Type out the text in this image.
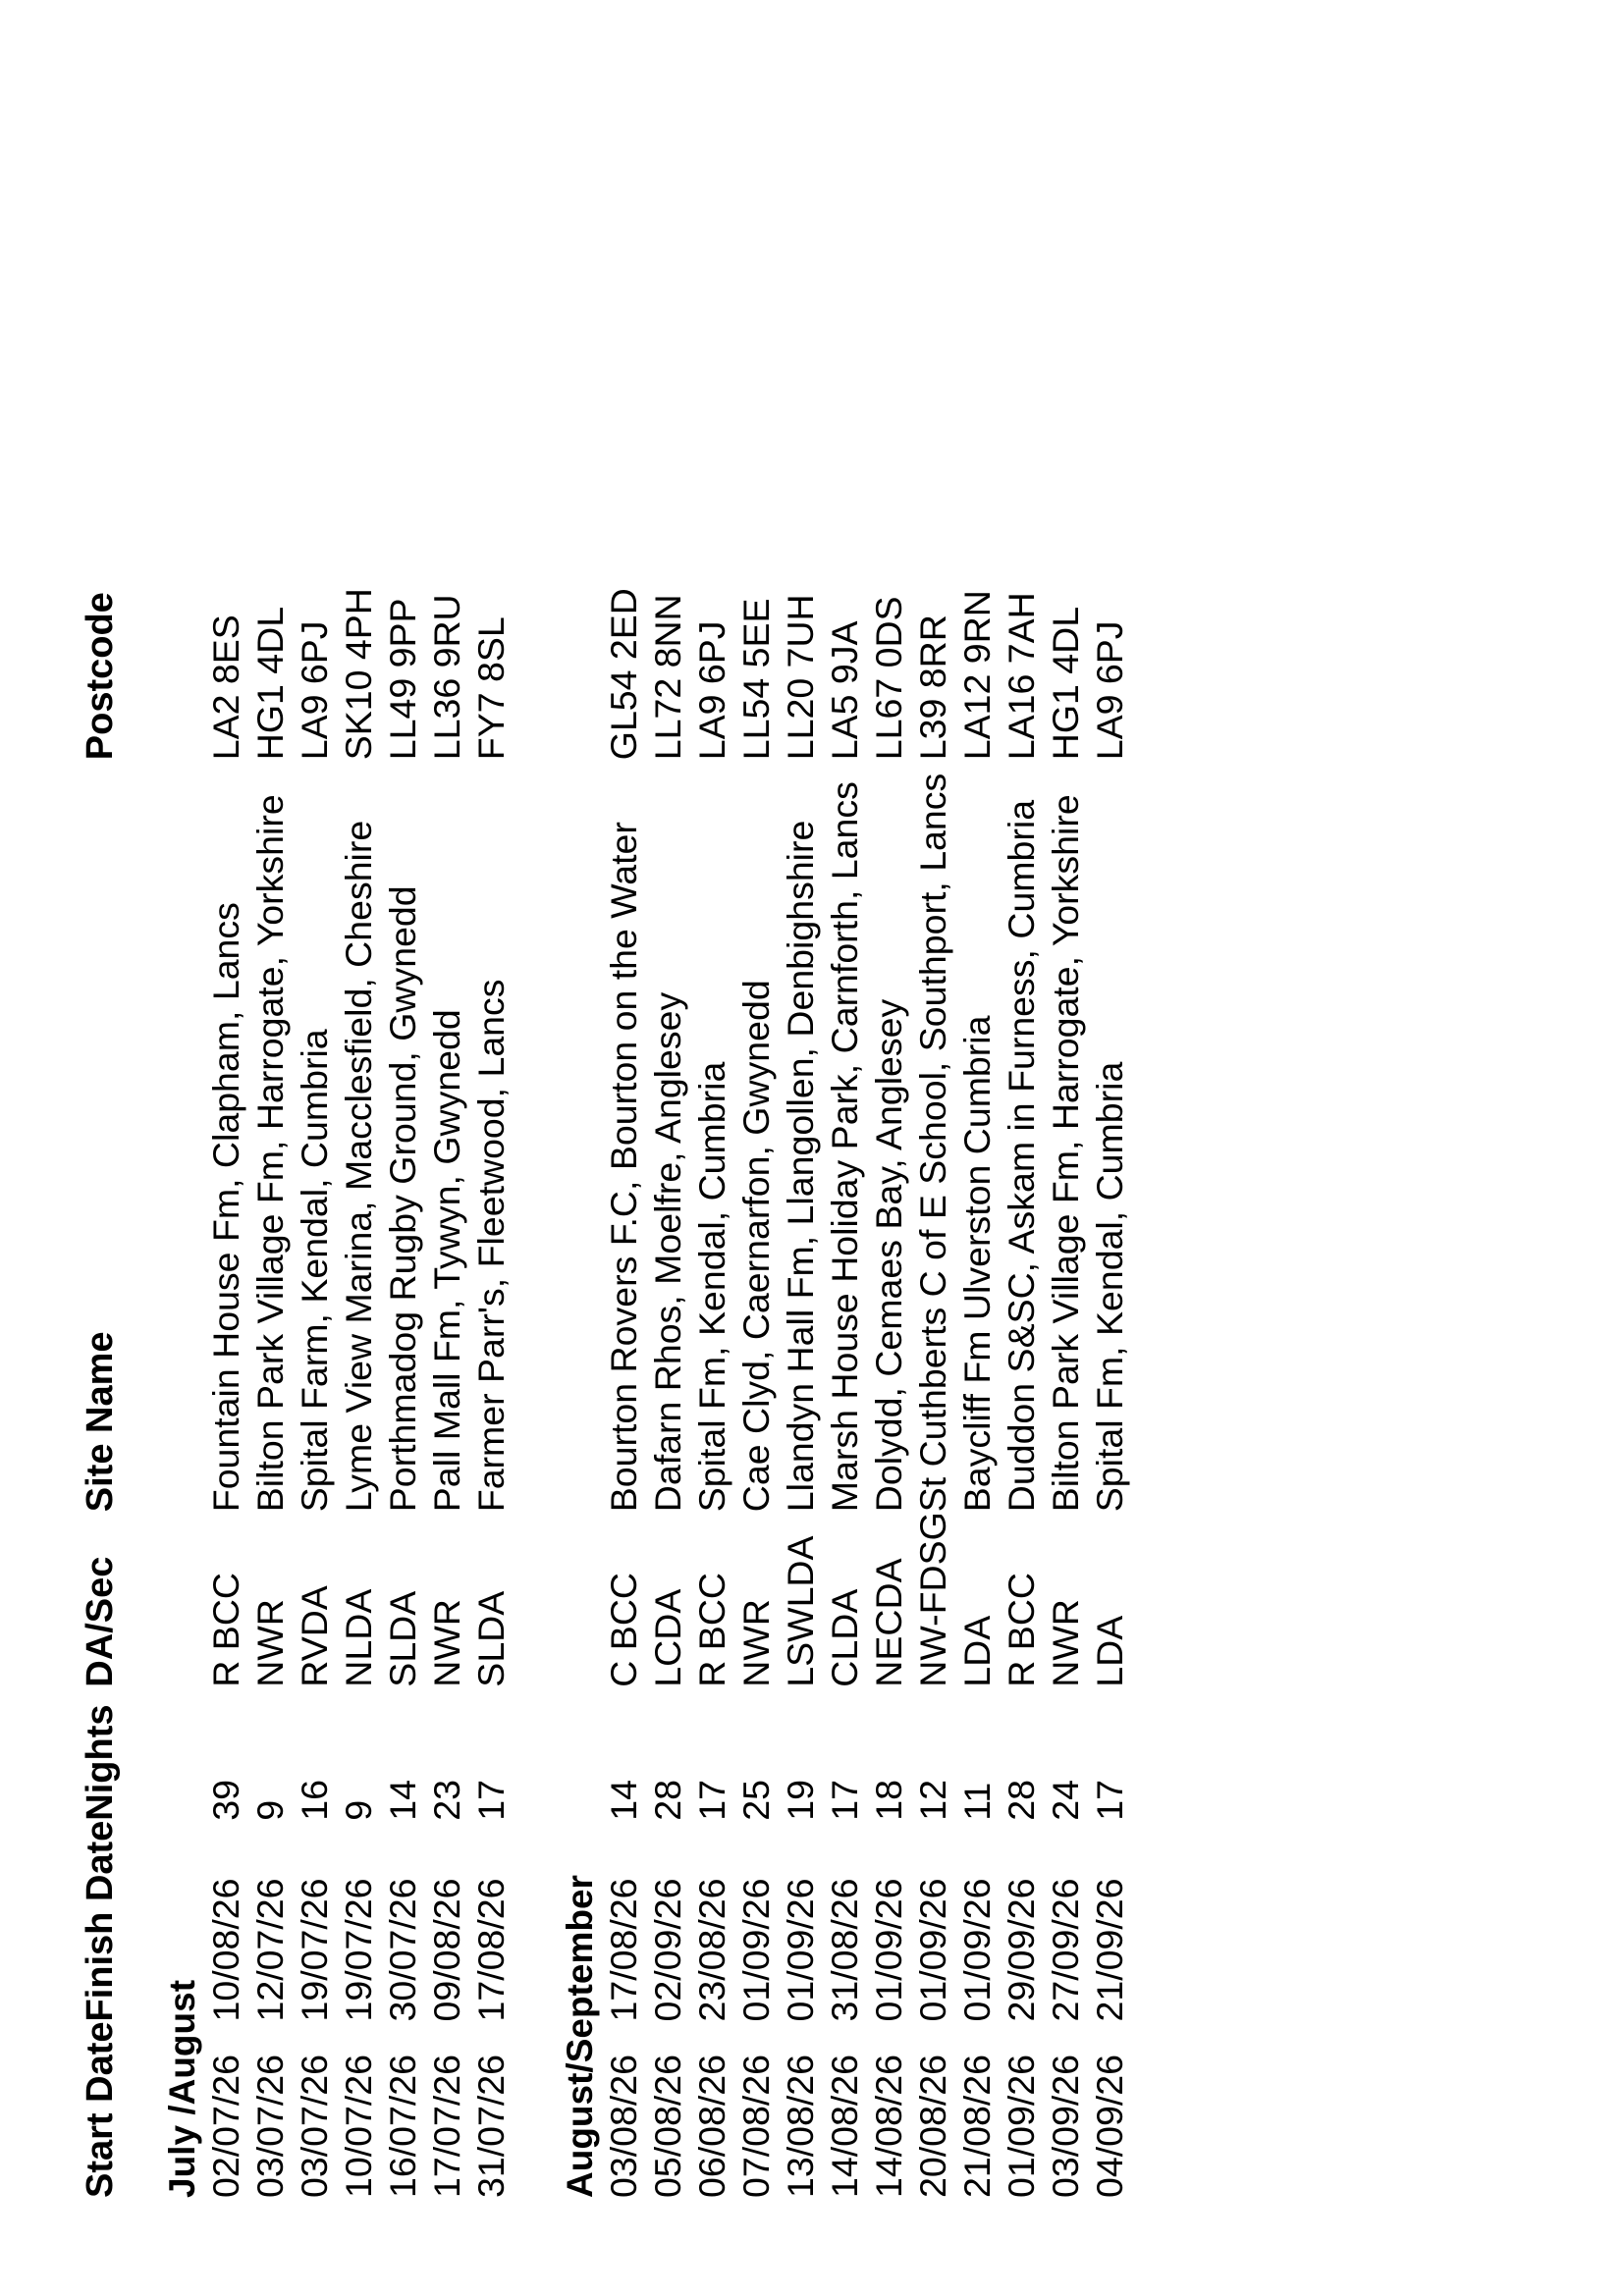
Start Date	Finish Date	Nights	DA/Sec	Site Name	Postcode

July /August					
02/07/26	10/08/26	39	R BCC	Fountain House Fm, Clapham, Lancs	LA2 8ES
03/07/26	12/07/26	9	NWR	Bilton Park Village Fm, Harrogate, Yorkshire	HG1 4DL
03/07/26	19/07/26	16	RVDA	Spital Farm, Kendal, Cumbria	LA9 6PJ
10/07/26	19/07/26	9	NLDA	Lyme View Marina, Macclesfield, Cheshire	SK10 4PH
16/07/26	30/07/26	14	SLDA	Porthmadog Rugby Ground, Gwynedd	LL49 9PP
17/07/26	09/08/26	23	NWR	Pall Mall Fm, Tywyn, Gwynedd	LL36 9RU
31/07/26	17/08/26	17	SLDA	Farmer Parr's, Fleetwood, Lancs	FY7 8SL

August/September					
03/08/26	17/08/26	14	C BCC	Bourton Rovers F.C, Bourton on the Water	GL54 2ED
05/08/26	02/09/26	28	LCDA	Dafarn Rhos, Moelfre, Anglesey	LL72 8NN
06/08/26	23/08/26	17	R BCC	Spital Fm, Kendal, Cumbria	LA9 6PJ
07/08/26	01/09/26	25	NWR	Cae Clyd, Caernarfon, Gwynedd	LL54 5EE
13/08/26	01/09/26	19	LSWLDA	Llandyn Hall Fm, Llangollen, Denbighshire	LL20 7UH
14/08/26	31/08/26	17	CLDA	Marsh House Holiday Park, Carnforth, Lancs	LA5 9JA
14/08/26	01/09/26	18	NECDA	Dolydd, Cemaes Bay, Anglesey	LL67 0DS
20/08/26	01/09/26	12	NW-FDSG	St Cuthberts C of E School, Southport, Lancs	L39 8RR
21/08/26	01/09/26	11	LDA	Baycliff Fm Ulverston Cumbria	LA12 9RN
01/09/26	29/09/26	28	R BCC	Duddon S&SC, Askam in Furness, Cumbria	LA16 7AH
03/09/26	27/09/26	24	NWR	Bilton Park Village Fm, Harrogate, Yorkshire	HG1 4DL
04/09/26	21/09/26	17	LDA	Spital Fm, Kendal, Cumbria	LA9 6PJ
